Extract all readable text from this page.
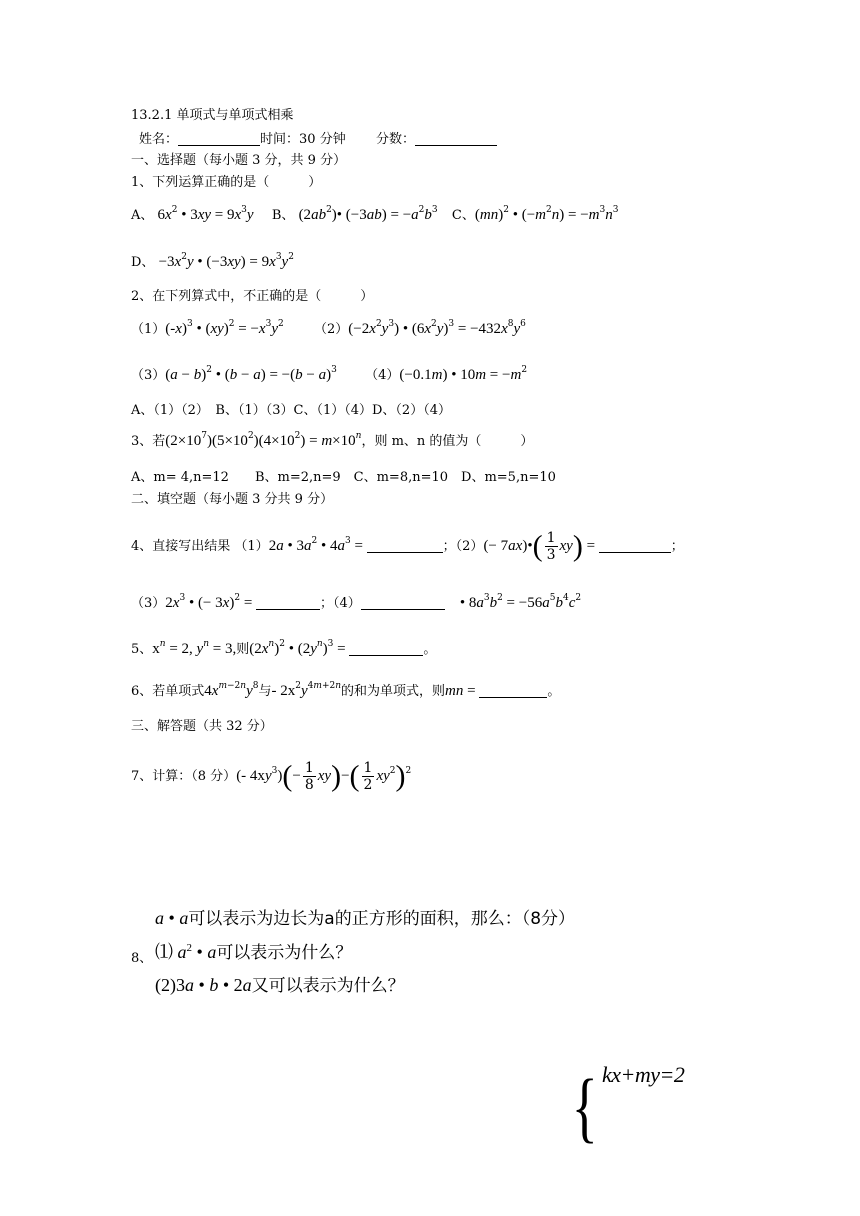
13.2.1 单项式与单项式相乘
姓名：	时间：30 分钟 分数：
一、选择题（每小题 3 分，共 9 分）
1、下列运算正确的是（　　　）
A、 $6x^2$ • $3xy = 9x^3y$ B、 $(2ab^2)•$ $(-3ab) = -a^2b^3$ C、(mn)$^2$ • $(-m^2n) = -m^3n^3$
D、 $-3x^2y$ • $(-3xy) = 9x^3y^2$
2、在下列算式中，不正确的是（　　　）
$(1)(-x)^3$ • $(xy)^2 = -x^3y^2$ $(2)(-2x^2y^3)$ • $(6x^2y)^3 = -432x^8y^6$
$(3)(a - b)^2$ • $(b - a) = -(b - a)^3$ （4）(−0.1m) • $10m = -m^2$
A、（1）（2）　B、（1）（3）C、（1）（4）D、（2）（4）
3、若$(2\times 10^7)(5\times 10^2)(4\times 10^2) = m\times 10^n$，则 m、n 的值为（　　　）
A、m= 4,n=12　　B、m=2,n=9　C、m=8,n=10　D、m=5,n=10
二、填空题（每小题 3 分共 9 分）
4、直接写出结果 （1）2a • $3a^2$ • $4a^3$ =	；（2）(− 7ax)•( $\frac{1}{3} xy$) =	；
$(3)2x^3$ • (− 3x)$^2$ =	；（4）	　• $8a^3b^2 = -56a^5b^4c^2$
5、$x^n = 2$, $y^n = 3$,则$(2x^n)^2$ • $(2y^n)^3$ =	。
6、若单项式$4x^{m-2n}y^8$与- $2x^2y^{4m+2n}$的和为单项式，则mn =	。
三、解答题（共 32 分）
7、计算：（8 分）(- $4xy^3)(- \frac{1}{8} xy)-( \frac{1}{2} xy^2)^2$
a • a可以表示为边长为a的正方形的面积，那么：（8分）
8、 ⑴ $a^2$ • a可以表示为什么？
(2)3a • b • 2a又可以表示为什么？
{ kx+my=2
